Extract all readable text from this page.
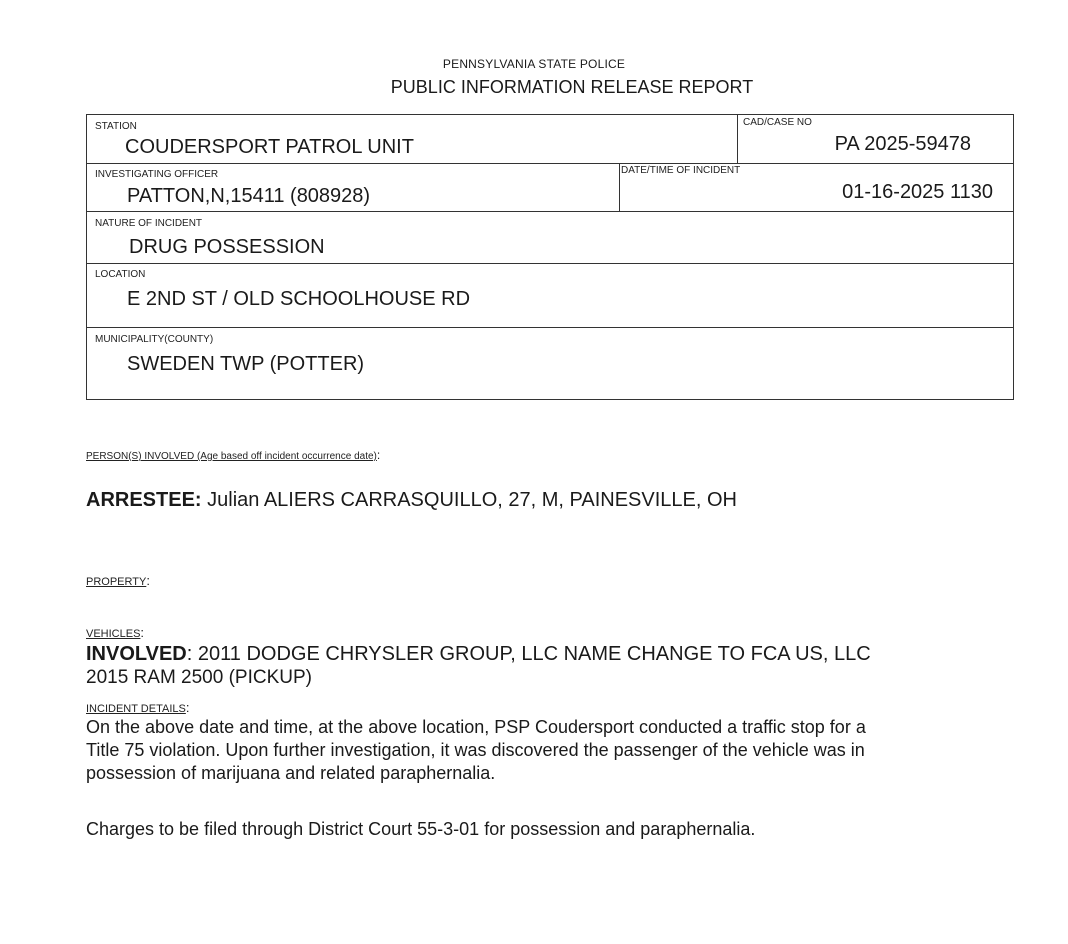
PENNSYLVANIA STATE POLICE
PUBLIC INFORMATION RELEASE REPORT
STATION
COUDERSPORT PATROL UNIT
CAD/CASE NO
PA 2025-59478
INVESTIGATING OFFICER
PATTON,N,15411 (808928)
DATE/TIME OF INCIDENT
01-16-2025 1130
NATURE OF INCIDENT
DRUG POSSESSION
LOCATION
E 2ND ST / OLD SCHOOLHOUSE RD
MUNICIPALITY(COUNTY)
SWEDEN TWP (POTTER)
PERSON(S) INVOLVED (Age based off incident occurrence date):
ARRESTEE: Julian ALIERS CARRASQUILLO, 27, M, PAINESVILLE, OH
PROPERTY:
VEHICLES:
INVOLVED: 2011 DODGE CHRYSLER GROUP, LLC NAME CHANGE TO FCA US, LLC
2015 RAM 2500 (PICKUP)
INCIDENT DETAILS:
On the above date and time, at the above location, PSP Coudersport conducted a traffic stop for a
Title 75 violation. Upon further investigation, it was discovered the passenger of the vehicle was in
possession of marijuana and related paraphernalia.
Charges to be filed through District Court 55-3-01 for possession and paraphernalia.
